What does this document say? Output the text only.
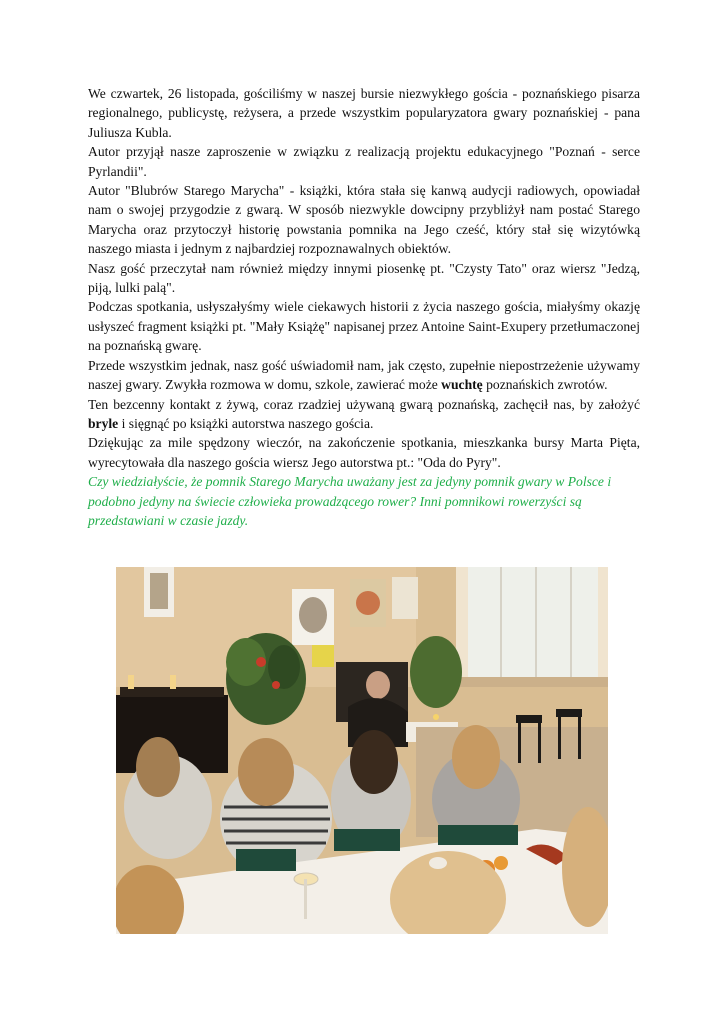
We czwartek, 26 listopada, gościliśmy w naszej bursie niezwykłego gościa - poznańskiego pisarza regionalnego, publicystę, reżysera, a przede wszystkim popularyzatora gwary poznańskiej - pana Juliusza Kubla.

Autor przyjął nasze zaproszenie w związku z realizacją projektu edukacyjnego "Poznań - serce Pyrlandii".

Autor "Blubrów Starego Marycha" - książki, która stała się kanwą audycji radiowych, opowiadał nam o swojej przygodzie z gwarą. W sposób niezwykle dowcipny przybliżył nam postać Starego Marycha oraz przytoczył historię powstania pomnika na Jego cześć, który stał się wizytówką naszego miasta i jednym z najbardziej rozpoznawalnych obiektów.

Nasz gość przeczytał nam również między innymi piosenkę pt. "Czysty Tato" oraz wiersz "Jedzą, piją, lulki palą".

Podczas spotkania, usłyszałyśmy wiele ciekawych historii z życia naszego gościa, miałyśmy okazję usłyszeć fragment książki pt. "Mały Książę" napisanej przez Antoine Saint-Exupery przetłumaczonej na poznańską gwarę.

Przede wszystkim jednak, nasz gość uświadomił nam, jak często, zupełnie niepostrzeżenie używamy naszej gwary. Zwykła rozmowa w domu, szkole, zawierać może wuchtę poznańskich zwrotów.

Ten bezcenny kontakt z żywą, coraz rzadziej używaną gwarą poznańską, zachęcił nas, by założyć bryle i sięgnąć po książki autorstwa naszego gościa.

Dziękując za mile spędzony wieczór, na zakończenie spotkania, mieszkanka bursy Marta Pięta, wyrecytowała dla naszego gościa wiersz Jego autorstwa pt.: "Oda do Pyry".

Czy wiedziałyście, że pomnik Starego Marycha uważany jest za jedyny pomnik gwary w Polsce i podobno jedyny na świecie człowieka prowadzącego rower? Inni pomnikowi rowerzyści są przedstawiani w czasie jazdy.
